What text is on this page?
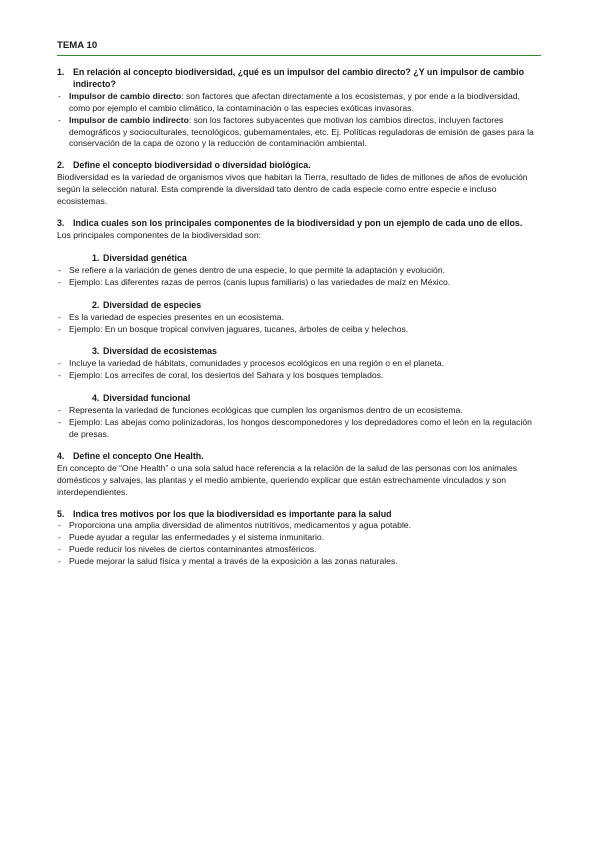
TEMA 10
1. En relación al concepto biodiversidad, ¿qué es un impulsor del cambio directo? ¿Y un impulsor de cambio indirecto?
- Impulsor de cambio directo: son factores que afectan directamente a los ecosistemas, y por ende a la biodiversidad, como por ejemplo el cambio climático, la contaminación o las especies exóticas invasoras.
- Impulsor de cambio indirecto: son los factores subyacentes que motivan los cambios directos, incluyen factores demográficos y socioculturales, tecnológicos, gubernamentales, etc. Ej. Políticas reguladoras de emisión de gases para la conservación de la capa de ozono y la reducción de contaminación ambiental.
2. Define el concepto biodiversidad o diversidad biológica.
Biodiversidad es la variedad de organismos vivos que habitan la Tierra, resultado de lides de millones de años de evolución según la selección natural. Esta comprende la diversidad tato dentro de cada especie como entre especie e incluso ecosistemas.
3. Indica cuales son los principales componentes de la biodiversidad y pon un ejemplo de cada uno de ellos.
Los principales componentes de la biodiversidad son:
1. Diversidad genética
- Se refiere a la variación de genes dentro de una especie, lo que permite la adaptación y evolución.
- Ejemplo: Las diferentes razas de perros (canis lupus familiaris) o las variedades de maíz en México.
2. Diversidad de especies
- Es la variedad de especies presentes en un ecosistema.
- Ejemplo: En un bosque tropical conviven jaguares, tucanes, árboles de ceiba y helechos.
3. Diversidad de ecosistemas
- Incluye la variedad de hábitats, comunidades y procesos ecológicos en una región o en el planeta.
- Ejemplo: Los arrecifes de coral, los desiertos del Sahara y los bosques templados.
4. Diversidad funcional
- Representa la variedad de funciones ecológicas que cumplen los organismos dentro de un ecosistema.
- Ejemplo: Las abejas como polinizadoras, los hongos descomponedores y los depredadores como el león en la regulación de presas.
4. Define el concepto One Health.
En concepto de “One Health” o una sola salud hace referencia a la relación de la salud de las personas con los animales domésticos y salvajes, las plantas y el medio ambiente, queriendo explicar que están estrechamente vinculados y son interdependientes.
5. Indica tres motivos por los que la biodiversidad es importante para la salud
- Proporciona una amplia diversidad de alimentos nutritivos, medicamentos y agua potable.
- Puede ayudar a regular las enfermedades y el sistema inmunitario.
- Puede reducir los niveles de ciertos contaminantes atmosféricos.
- Puede mejorar la salud física y mental a través de la exposición a las zonas naturales.
